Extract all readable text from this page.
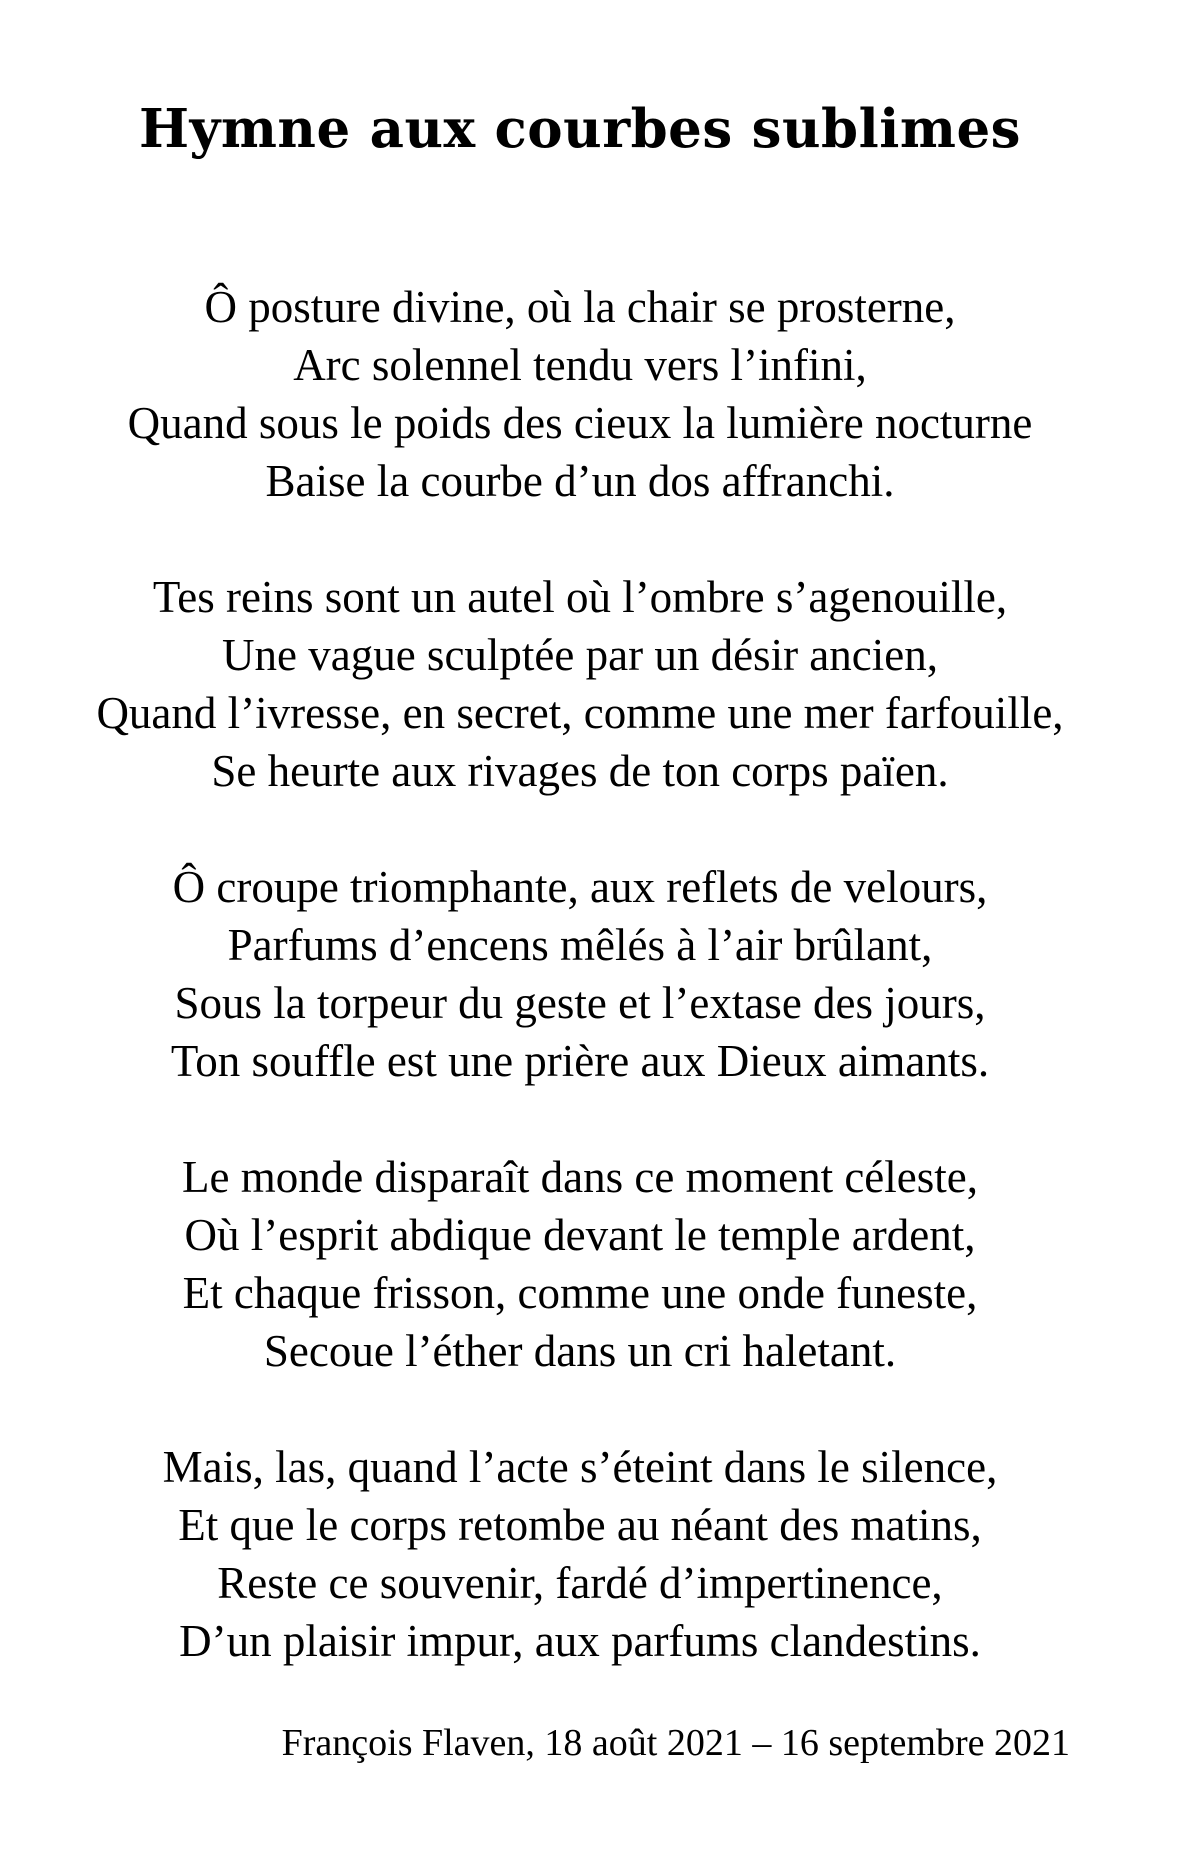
Hymne aux courbes sublimes
Ô posture divine, où la chair se prosterne,
Arc solennel tendu vers l’infini,
Quand sous le poids des cieux la lumière nocturne
Baise la courbe d’un dos affranchi.
Tes reins sont un autel où l’ombre s’agenouille,
Une vague sculptée par un désir ancien,
Quand l’ivresse, en secret, comme une mer farfouille,
Se heurte aux rivages de ton corps païen.
Ô croupe triomphante, aux reflets de velours,
Parfums d’encens mêlés à l’air brûlant,
Sous la torpeur du geste et l’extase des jours,
Ton souffle est une prière aux Dieux aimants.
Le monde disparaît dans ce moment céleste,
Où l’esprit abdique devant le temple ardent,
Et chaque frisson, comme une onde funeste,
Secoue l’éther dans un cri haletant.
Mais, las, quand l’acte s’éteint dans le silence,
Et que le corps retombe au néant des matins,
Reste ce souvenir, fardé d’impertinence,
D’un plaisir impur, aux parfums clandestins.
François Flaven, 18 août 2021 – 16 septembre 2021
